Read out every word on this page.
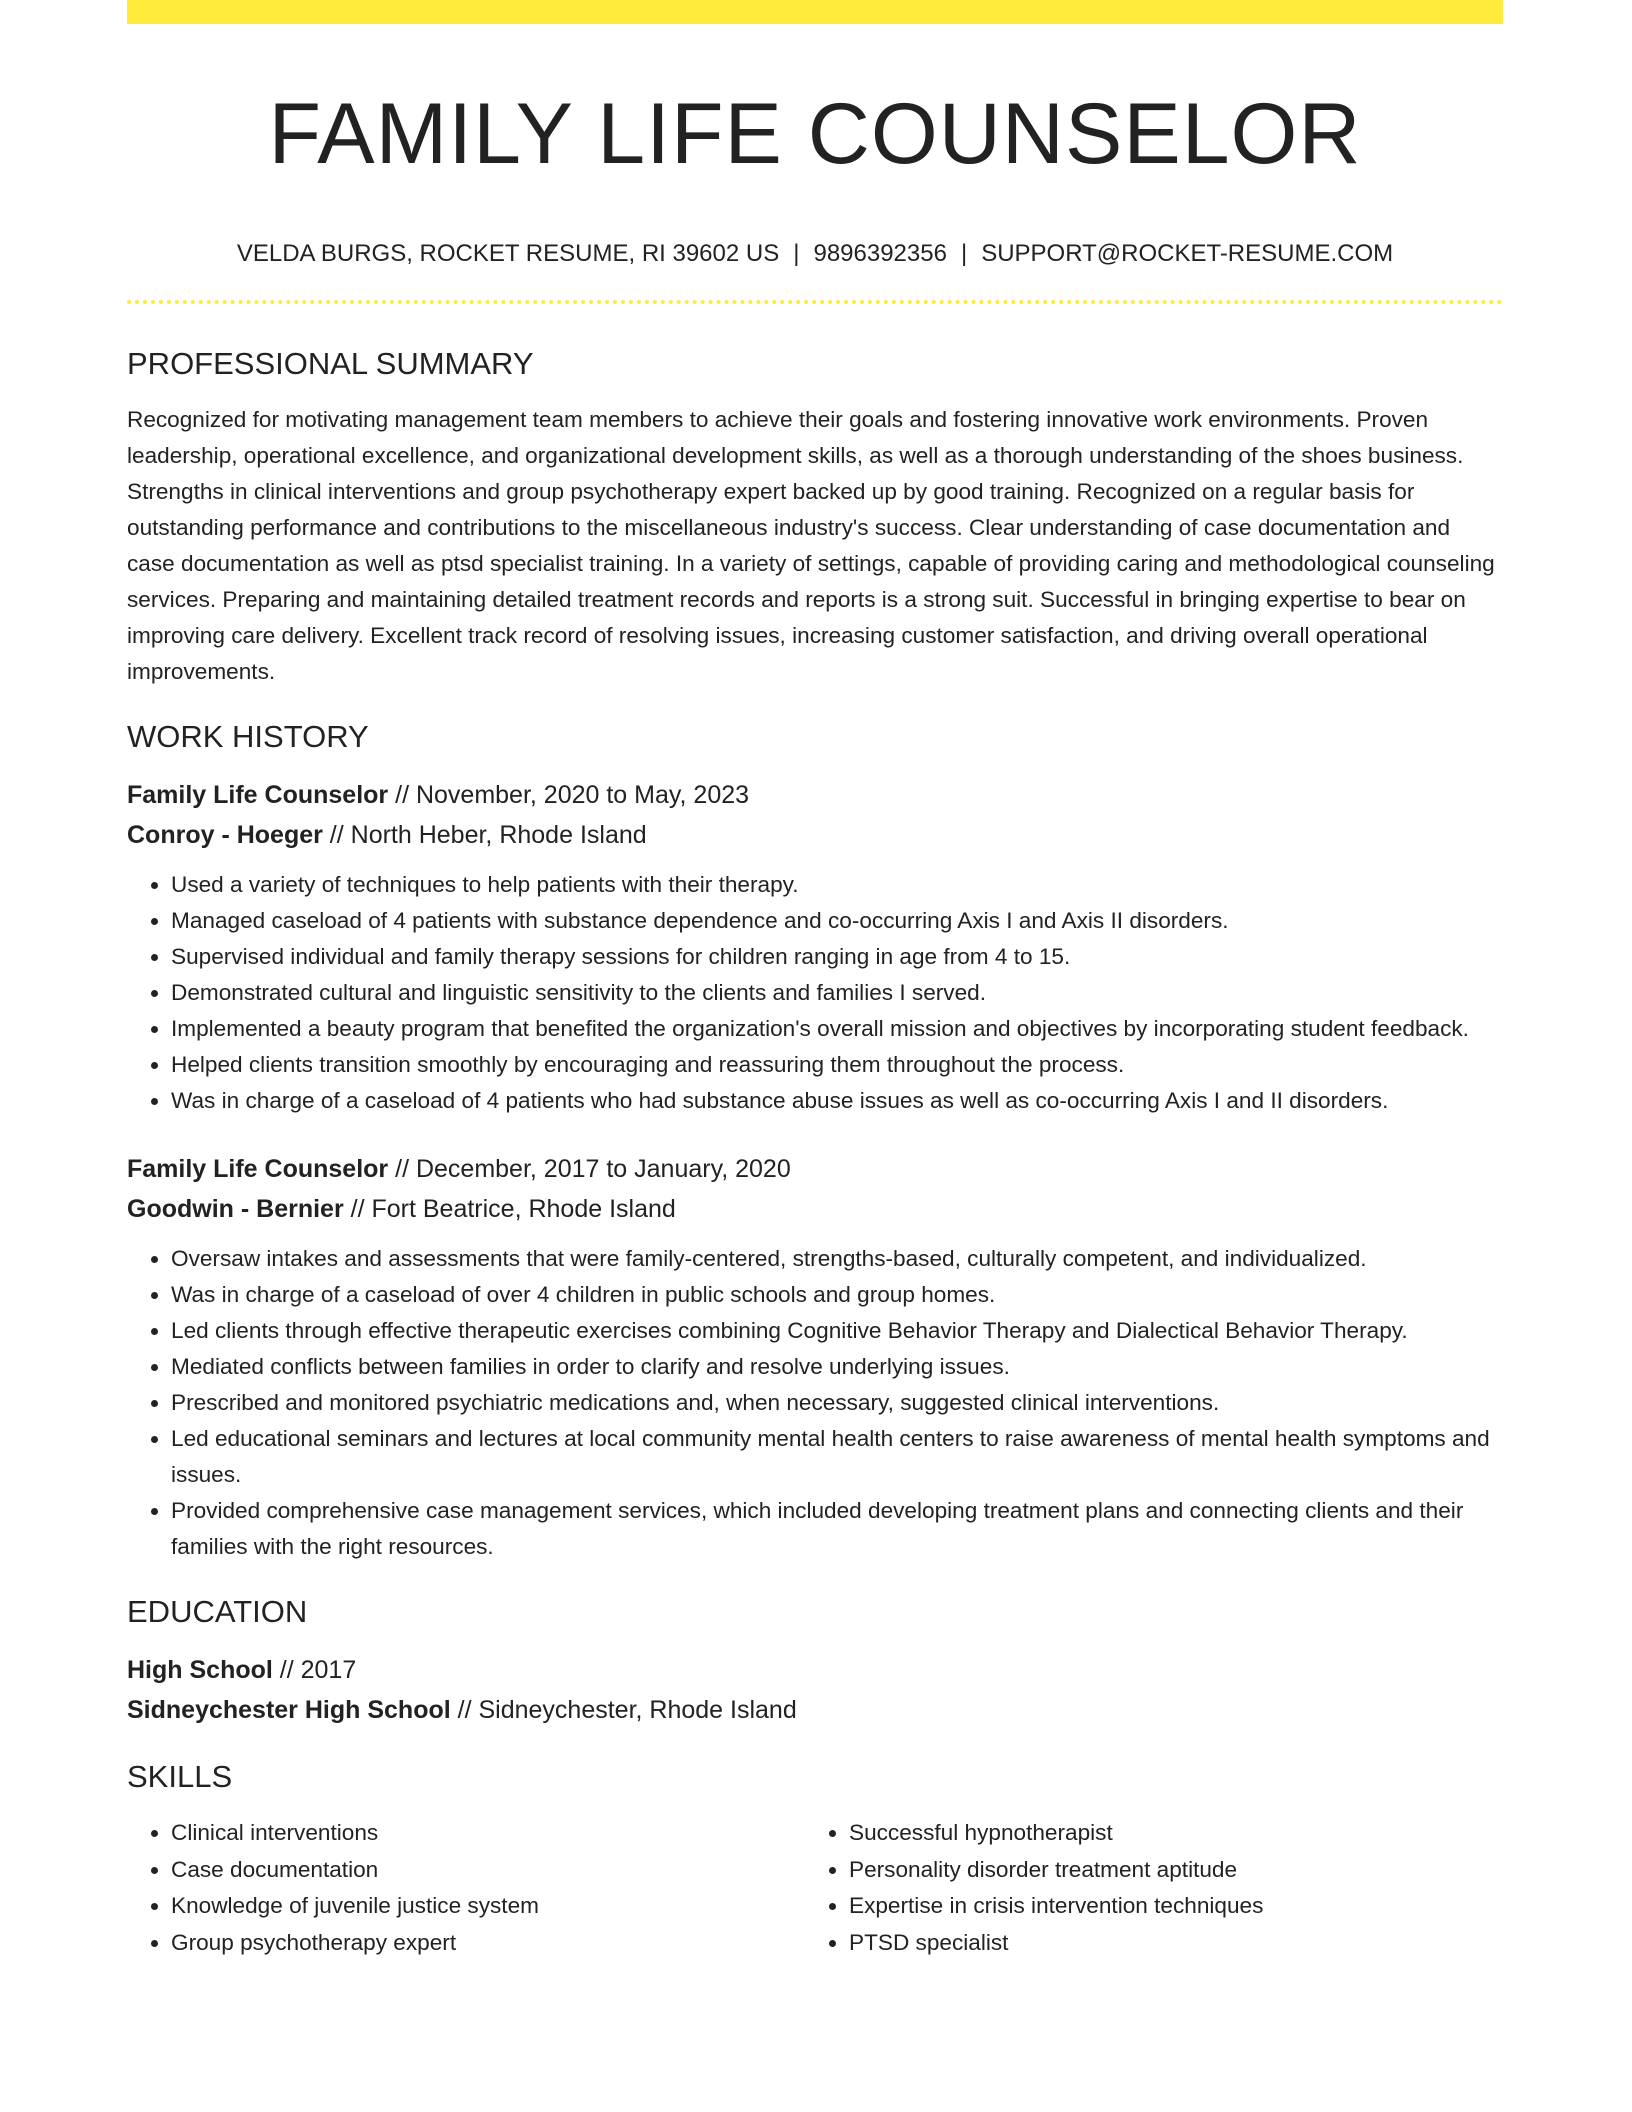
FAMILY LIFE COUNSELOR
VELDA BURGS, ROCKET RESUME, RI 39602 US | 9896392356 | SUPPORT@ROCKET-RESUME.COM
PROFESSIONAL SUMMARY

Recognized for motivating management team members to achieve their goals and fostering innovative work environments. Proven leadership, operational excellence, and organizational development skills, as well as a thorough understanding of the shoes business. Strengths in clinical interventions and group psychotherapy expert backed up by good training. Recognized on a regular basis for outstanding performance and contributions to the miscellaneous industry's success. Clear understanding of case documentation and case documentation as well as ptsd specialist training. In a variety of settings, capable of providing caring and methodological counseling services. Preparing and maintaining detailed treatment records and reports is a strong suit. Successful in bringing expertise to bear on improving care delivery. Excellent track record of resolving issues, increasing customer satisfaction, and driving overall operational improvements.

WORK HISTORY
Family Life Counselor // November, 2020 to May, 2023
Conroy - Hoeger // North Heber, Rhode Island
• Used a variety of techniques to help patients with their therapy.
• Managed caseload of 4 patients with substance dependence and co-occurring Axis I and Axis II disorders.
• Supervised individual and family therapy sessions for children ranging in age from 4 to 15.
• Demonstrated cultural and linguistic sensitivity to the clients and families I served.
• Implemented a beauty program that benefited the organization's overall mission and objectives by incorporating student feedback.
• Helped clients transition smoothly by encouraging and reassuring them throughout the process.
• Was in charge of a caseload of 4 patients who had substance abuse issues as well as co-occurring Axis I and II disorders.
Family Life Counselor // December, 2017 to January, 2020
Goodwin - Bernier // Fort Beatrice, Rhode Island
• Oversaw intakes and assessments that were family-centered, strengths-based, culturally competent, and individualized.
• Was in charge of a caseload of over 4 children in public schools and group homes.
• Led clients through effective therapeutic exercises combining Cognitive Behavior Therapy and Dialectical Behavior Therapy.
• Mediated conflicts between families in order to clarify and resolve underlying issues.
• Prescribed and monitored psychiatric medications and, when necessary, suggested clinical interventions.
• Led educational seminars and lectures at local community mental health centers to raise awareness of mental health symptoms and issues.
• Provided comprehensive case management services, which included developing treatment plans and connecting clients and their families with the right resources.
EDUCATION
High School // 2017
Sidneychester High School // Sidneychester, Rhode Island
SKILLS
• Clinical interventions
• Case documentation
• Knowledge of juvenile justice system
• Group psychotherapy expert
• Successful hypnotherapist
• Personality disorder treatment aptitude
• Expertise in crisis intervention techniques
• PTSD specialist
